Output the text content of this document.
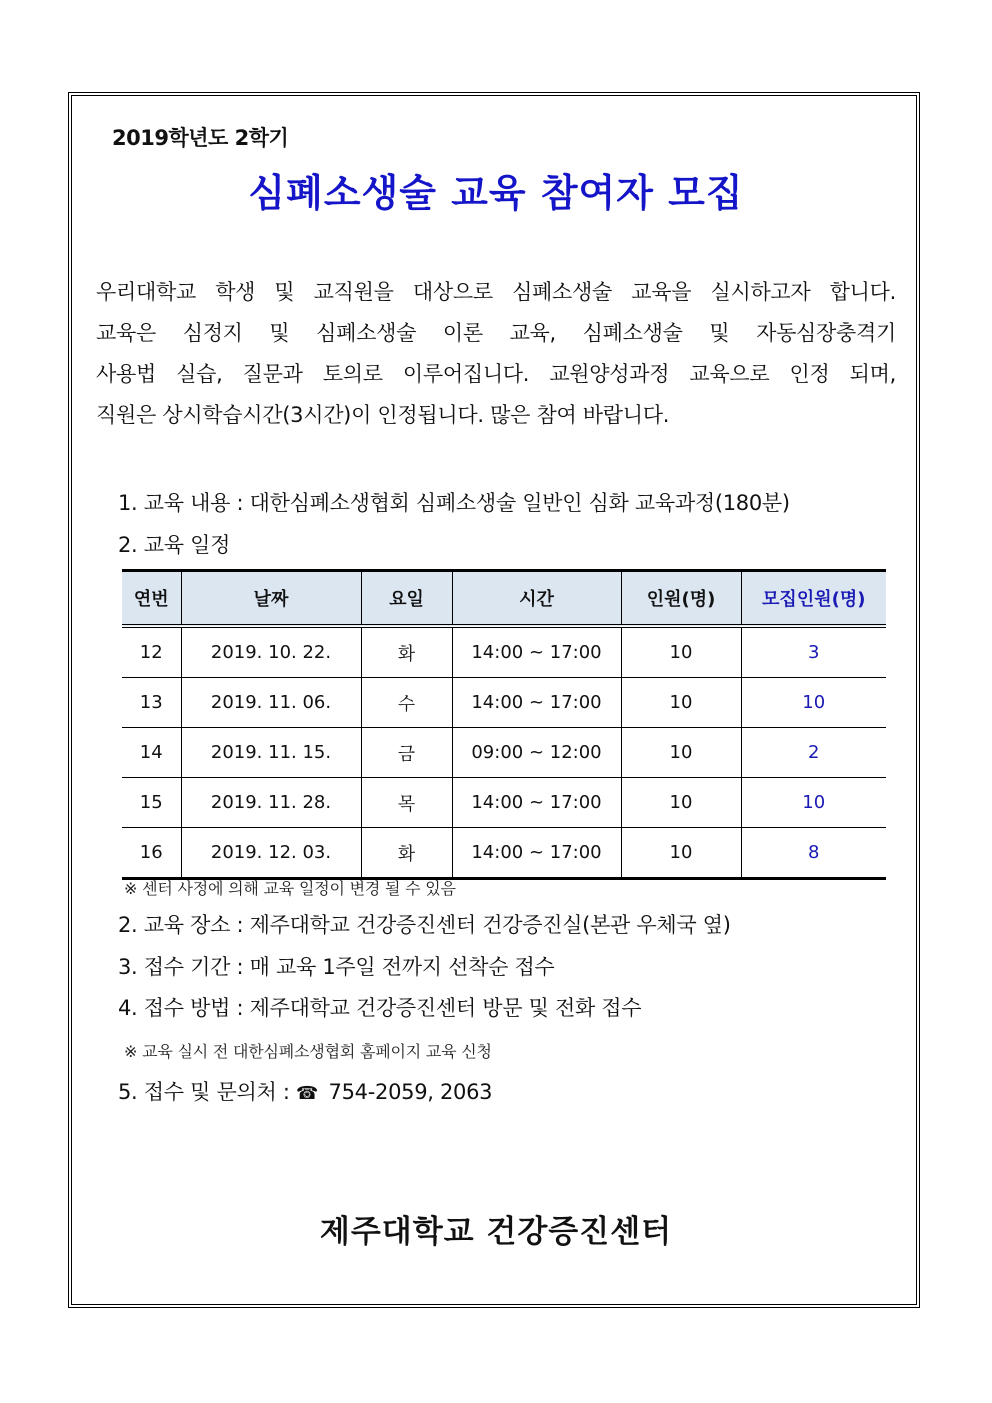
2019학년도 2학기
심폐소생술 교육 참여자 모집
우리대학교 학생 및 교직원을 대상으로 심폐소생술 교육을 실시하고자 합니다.
교육은 심정지 및 심폐소생술 이론 교육, 심폐소생술 및 자동심장충격기
사용법 실습, 질문과 토의로 이루어집니다. 교원양성과정 교육으로 인정 되며,
직원은 상시학습시간(3시간)이 인정됩니다. 많은 참여 바랍니다.
1. 교육 내용 : 대한심폐소생협회 심폐소생술 일반인 심화 교육과정(180분)
2. 교육 일정
연번	날짜	요일	시간	인원(명)	모집인원(명)
12	2019. 10. 22.	화	14:00 ~ 17:00	10	3
13	2019. 11. 06.	수	14:00 ~ 17:00	10	10
14	2019. 11. 15.	금	09:00 ~ 12:00	10	2
15	2019. 11. 28.	목	14:00 ~ 17:00	10	10
16	2019. 12. 03.	화	14:00 ~ 17:00	10	8
※ 센터 사정에 의해 교육 일정이 변경 될 수 있음
2. 교육 장소 : 제주대학교 건강증진센터 건강증진실(본관 우체국 옆)
3. 접수 기간 : 매 교육 1주일 전까지 선착순 접수
4. 접수 방법 : 제주대학교 건강증진센터 방문 및 전화 접수
※ 교육 실시 전 대한심폐소생협회 홈페이지 교육 신청
5. 접수 및 문의처 : ☎ 754-2059, 2063
제주대학교 건강증진센터
